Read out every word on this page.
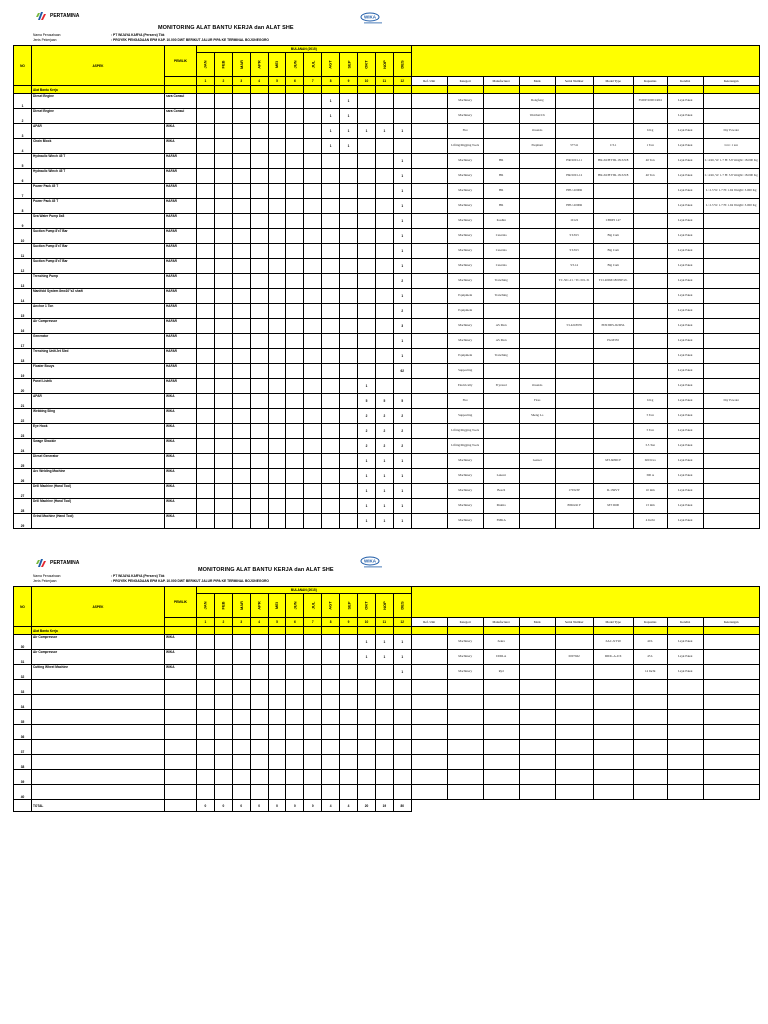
PERTAMINA
MONITORING ALAT BANTU KERJA dan ALAT SHE
WIKA
Nama Perusahaan	: PT WIJAYA KARYA (Persero) Tbk
Jenis Pekerjaan	: PROYEK PENGADAAN EPM KAP. 10.000 DWT BERIKUT JALUR PIPA KE TERMINAL BOJONEGORO
NO	ASPEK	PEMILIK	BULANAN (2015)																				
			JAN	FEB	MAR	APR	MEI	JUN	JUL	AGT	SEP	OKT	NOP	DES									
			1	2	3	4	5	6	7	8	9	10	11	12	Ref. Unit	Kategori	Manufacturer	Merk	Serial Number	Model Type	Kapasitas	Kondisi	Keterangan
	Alat Bantu Kerja																						
1	Diesel Engine	sara Consul								1	1					Machinery		Dongfeng			3500P/2000/1R04	Layk Pakai	
2	Diesel Engine	sara Consul								1	1					Machinery		Weichai/Ch				Layk Pakai	
3	APAR	WIKA								1	1	1	1	1		Fire		Ossaido			6 Kg	Layk Pakai	Dry Powder
4	Chain Block	WIKA								1	1					Lifting/Rigging Tools		Elephant	57741	CT-1	1 Ton	Layk Pakai	LLC 1 ton
5	Hydraulic Winch 45 T	HAFAR												1		Machinery	HR		HR/2001-11	HR-Z6/HTTR-18-S/9/8	40 Ton	Layk Pakai	L: 4.96, W: 1.7 H: 3.8 Weight: 18.000 Kg
6	Hydraulic Winch 45 T	HAFAR												1		Machinery	HR		HR/2001-12	HR-Z6/HTTR-18-S/9/8	40 Ton	Layk Pakai	L: 4.96, W: 1.7 H: 3.8 Weight: 18.000 Kg
7	Power Pack 45 T	HAFAR												1		Machinery	HR		HPU-2000R			Layk Pakai	L: 2.3 W: 1.7 H: 1.94 Weight: 3.000 Kg
8	Power Pack 45 T	HAFAR												1		Machinery	HR		HPU-2000R			Layk Pakai	L: 2.3 W: 1.7 H: 1.94 Weight: 3.000 Kg
9	Sea Water Pump 8x8	HAFAR												1		Machinery	Koshin		10122	CBDPI 147		Layk Pakai	
10	Suction Pump 8'x7 Bar	HAFAR												1		Machinery	Caterina		ST-815	Big Cam		Layk Pakai	
11	Suction Pump 8'x7 Bar	HAFAR												1		Machinery	Caterina		ST-815	Big Cam		Layk Pakai	
12	Suction Pump 8'x7 Bar	HAFAR												1		Machinery	Caterina		ST-14	Big Cam		Layk Pakai	
13	Trenching Pump	HAFAR												2		Machinery	Trenching		TC-501-21 / TC-501-31	TC1400M/1800SP/2L		Layk Pakai	
14	Manifold System 8mx10"x2 shaft	HAFAR												1		Equipment	Trenching					Layk Pakai	
15	Anchor 1 Ton	HAFAR												2		Equipment						Layk Pakai	
16	Air Compressor	HAFAR												3		Machinery	AS Mon		53-4218976	PDS390S-6UDSL		Layk Pakai	
17	Generator	HAFAR												1		Machinery	AS Mon			PGM3S5		Layk Pakai	
18	Trenching Unit/Jet Sled	HAFAR												1		Equipment	Trenching					Layk Pakai	
19	Floater Bouys	HAFAR												62		Supporting						Layk Pakai	
20	Panel Listrik	HAFAR										1				Electrically	Fryrated	Ossaido				Layk Pakai	
21	APAR	WIKA										5	5	5		Fire		Fires			6 Kg	Layk Pakai	Dry Powder
22	Webbing Sling	WIKA										2	2	2		Supporting		Sheng Lo			5 Ton	Layk Pakai	
23	Eye Hook	WIKA										2	2	2		Lifting/Rigging Tools					5 Ton	Layk Pakai	
24	Swage Shackle	WIKA										2	2	2		Lifting/Rigging Tools					3.5 Ton	Layk Pakai	
25	Diesel Generator	WIKA										1	1	1		Machinery		Genset		MT-6680CF	600 Kva	Layk Pakai	
26	Arc Welding Machine	WIKA										1	1	1		Machinery	Lakoni				300 A	Layk Pakai	
27	Drill Machine (Hand Tool)	WIKA										1	1	1		Machinery	Bosch		170323P	D-13RVT	10 mm	Layk Pakai	
28	Drill Machine (Hand Tool)	WIKA										1	1	1		Machinery	Makita		8066241Y	MT 0600	13 mm	Layk Pakai	
29	Grind Machine (Hand Tool)	WIKA										1	1	1		Machinery	FMKA				4 Inchi	Layk Pakai	
PERTAMINA
MONITORING ALAT BANTU KERJA dan ALAT SHE
WIKA
Nama Perusahaan	: PT WIJAYA KARYA (Persero) Tbk
Jenis Pekerjaan	: PROYEK PENGADAAN EPM KAP. 10.000 DWT BERIKUT JALUR PIPA KE TERMINAL BOJONEGORO
NO	ASPEK	PEMILIK	BULANAN (2015)																				
			JAN	FEB	MAR	APR	MEI	JUN	JUL	AGT	SEP	OKT	NOP	DES									
			1	2	3	4	5	6	7	8	9	10	11	12	Ref. Unit	Kategori	Manufacturer	Merk	Serial Number	Model Type	Kapasitas	Kondisi	Keterangan
	Alat Bantu Kerja																						
30	Air Compressor	WIKA										1	1	1		Machinery	Zekra			ZAC-XT'20	40 L	Layk Pakai	
31	Air Compressor	WIKA										1	1	1		Machinery	DIDLA		0007662	DIDL-A-UX	45 L	Layk Pakai	
32	Cutting Wheel Machine	WIKA												1		Machinery	Ryd				14 Inchi	Layk Pakai	
33																							
34																							
35																							
36																							
37																							
38																							
39																							
40																							
	TOTAL		0	0	0	0	0	0	0	4	4	20	19	80									
